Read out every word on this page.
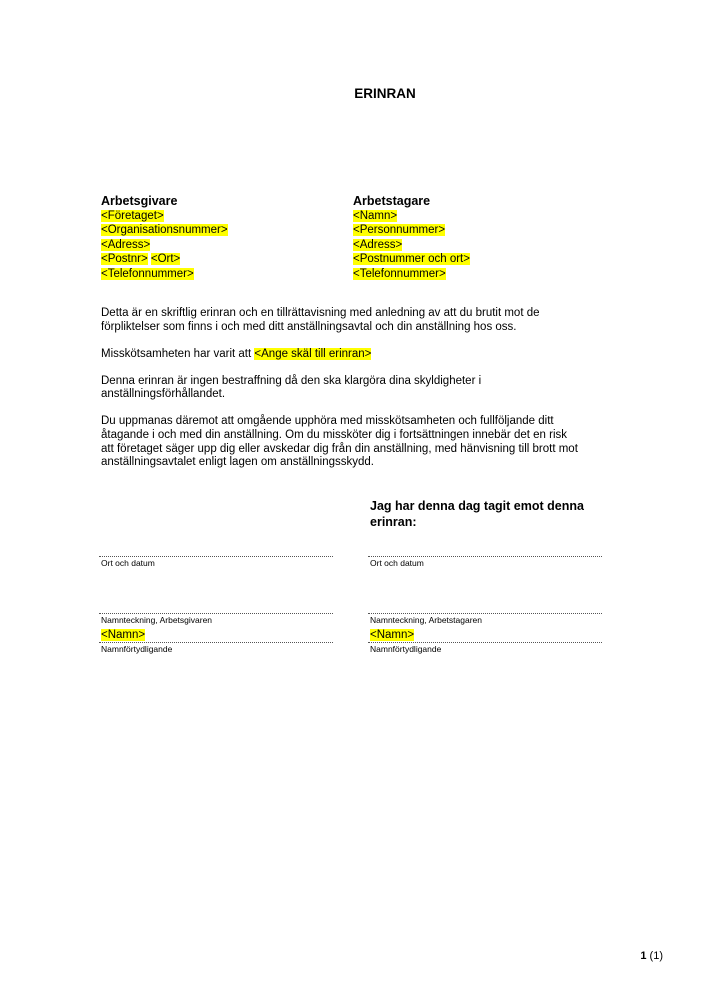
ERINRAN
Arbetsgivare
<Företaget>
<Organisationsnummer>
<Adress>
<Postnr> <Ort>
<Telefonnummer>
Arbetstagare
<Namn>
<Personnummer>
<Adress>
<Postnummer och ort>
<Telefonnummer>

Detta är en skriftlig erinran och en tillrättavisning med anledning av att du brutit mot de förpliktelser som finns i och med ditt anställningsavtal och din anställning hos oss.

Misskötsamheten har varit att <Ange skäl till erinran>

Denna erinran är ingen bestraffning då den ska klargöra dina skyldigheter i anställningsförhållandet.

Du uppmanas däremot att omgående upphöra med misskötsamheten och fullföljande ditt åtagande i och med din anställning. Om du missköter dig i fortsättningen innebär det en risk att företaget säger upp dig eller avskedar dig från din anställning, med hänvisning till brott mot anställningsavtalet enligt lagen om anställningsskydd.

Jag har denna dag tagit emot denna erinran:
Ort och datum
Namnteckning, Arbetsgivaren
<Namn>
Namnförtydligande
Ort och datum
Namnteckning, Arbetstagaren
<Namn>
Namnförtydligande
1 (1)
